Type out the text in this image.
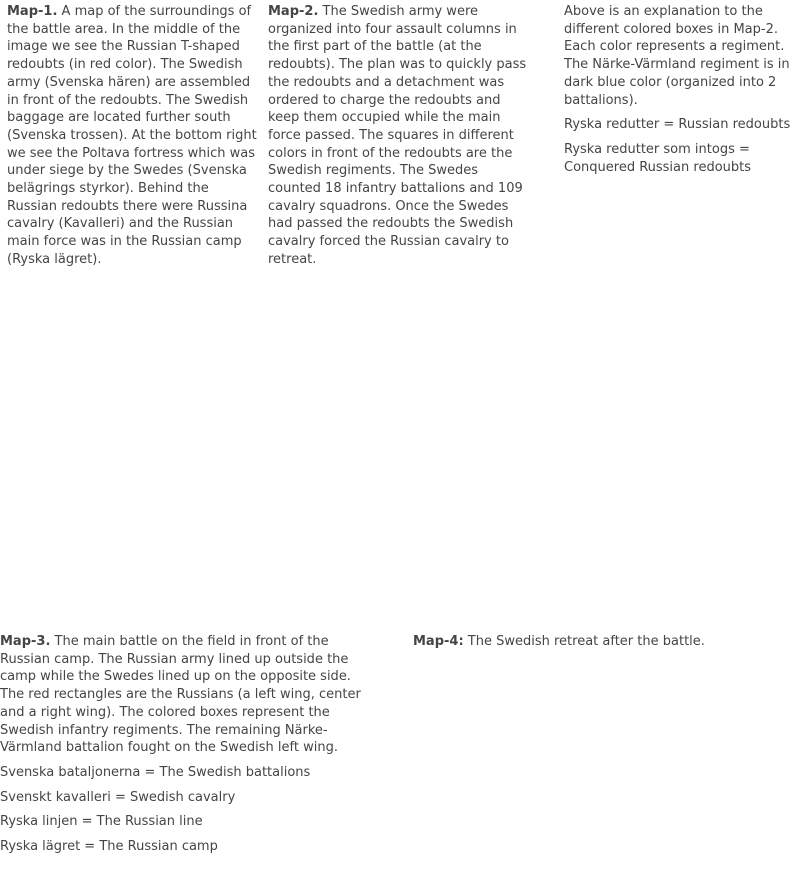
Map-1. A map of the surroundings of the battle area. In the middle of the image we see the Russian T-shaped redoubts (in red color). The Swedish army (Svenska hären) are assembled in front of the redoubts. The Swedish baggage are located further south (Svenska trossen). At the bottom right we see the Poltava fortress which was under siege by the Swedes (Svenska belägrings styrkor). Behind the Russian redoubts there were Russina cavalry (Kavalleri) and the Russian main force was in the Russian camp (Ryska lägret).

Map-2. The Swedish army were organized into four assault columns in the first part of the battle (at the redoubts). The plan was to quickly pass the redoubts and a detachment was ordered to charge the redoubts and keep them occupied while the main force passed. The squares in different colors in front of the redoubts are the Swedish regiments. The Swedes counted 18 infantry battalions and 109 cavalry squadrons. Once the Swedes had passed the redoubts the Swedish cavalry forced the Russian cavalry to retreat.

Above is an explanation to the different colored boxes in Map-2. Each color represents a regiment. The Närke-Värmland regiment is in dark blue color (organized into 2 battalions).

Ryska redutter = Russian redoubts

Ryska redutter som intogs = Conquered Russian redoubts

Map-3. The main battle on the field in front of the Russian camp. The Russian army lined up outside the camp while the Swedes lined up on the opposite side. The red rectangles are the Russians (a left wing, center and a right wing). The colored boxes represent the Swedish infantry regiments. The remaining Närke-Värmland battalion fought on the Swedish left wing.

Svenska bataljonerna = The Swedish battalions

Svenskt kavalleri = Swedish cavalry

Ryska linjen = The Russian line

Ryska lägret = The Russian camp

Map-4: The Swedish retreat after the battle.
